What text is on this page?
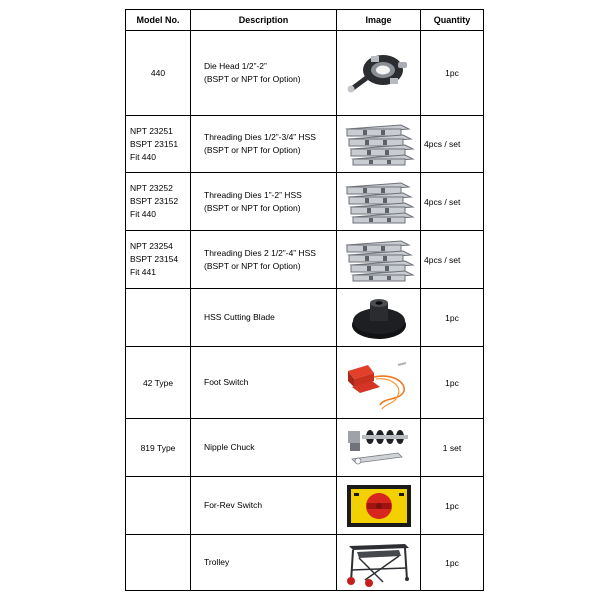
Model No.	Description	Image	Quantity

440	Die Head 1/2”-2”
(BSPT or NPT for Option)		1pc

NPT 23251
BSPT 23151
Fit 440	Threading Dies 1/2”-3/4” HSS
(BSPT or NPT for Option)		4pcs / set

NPT 23252
BSPT 23152
Fit 440	Threading Dies 1”-2” HSS
(BSPT or NPT for Option)		4pcs / set

NPT 23254
BSPT 23154
Fit 441	Threading Dies 2 1/2”-4” HSS
(BSPT or NPT for Option)		4pcs / set

	HSS Cutting Blade		1pc

42 Type	Foot Switch		1pc

819 Type	Nipple Chuck		1 set

	For-Rev Switch		1pc

	Trolley		1pc
